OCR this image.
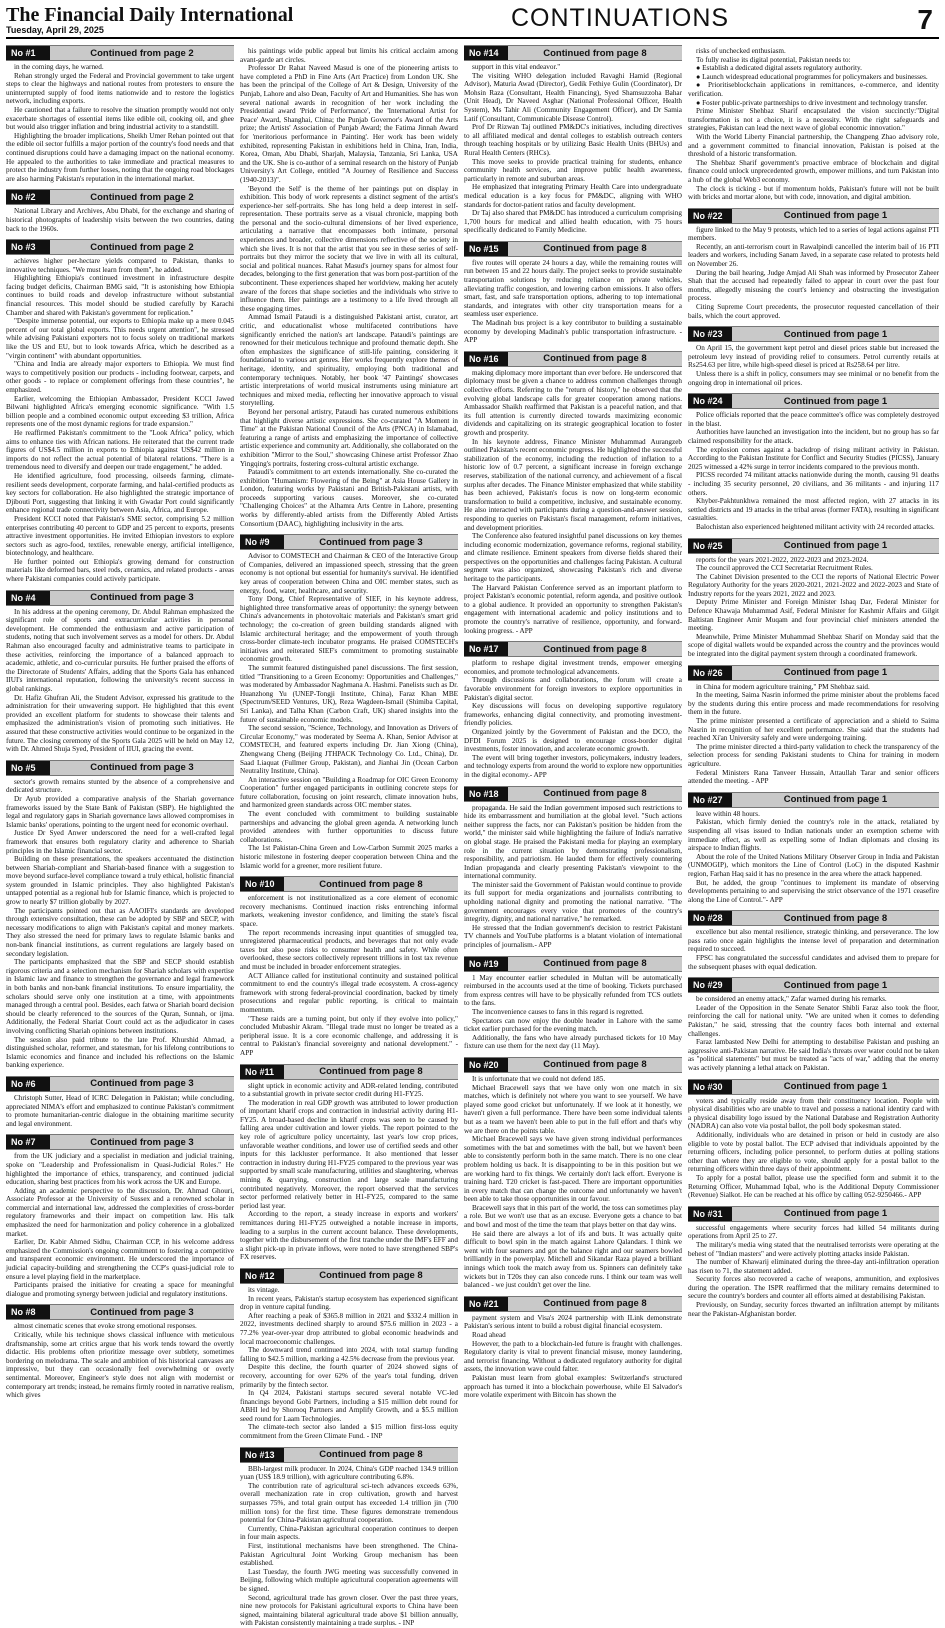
The Financial Daily International
Tuesday, April 29, 2025	CONTINUATIONS	7
No #1	Continued from page 2

in the coming days, he warned.

Rehan strongly urged the Federal and Provincial government to take urgent steps to clear the highways and national routes from protesters to ensure the uninterrupted supply of food items nationwide and to restore the logistics network, including exports.

He cautioned that a failure to resolve the situation promptly would not only exacerbate shortages of essential items like edible oil, cooking oil, and ghee but would also trigger inflation and bring industrial activity to a standstill.

Highlighting the broader implications, Sheikh Umer Rehan pointed out that the edible oil sector fulfills a major portion of the country's food needs and that continued disruptions could have a damaging impact on the national economy. He appealed to the authorities to take immediate and practical measures to protect the industry from further losses, noting that the ongoing road blockages are also harming Pakistan's reputation in the international market.

No #2	Continued from page 2

National Library and Archives, Abu Dhabi, for the exchange and sharing of historical photographs of leadership visits between the two countries, dating back to the 1960s.

No #3	Continued from page 2

achieves higher per-hectare yields compared to Pakistan, thanks to innovative techniques. "We must learn from them", he added.

Highlighting Ethiopia's continued investment in infrastructure despite facing budget deficits, Chairman BMG said, "It is astonishing how Ethiopia continues to build roads and develop infrastructure without substantial financial resources. This model should be studied carefully by Karachi Chamber and shared with Pakistan's government for replication."

"Despite immense potential, our exports to Ethiopia make up a mere 0.045 percent of our total global exports. This needs urgent attention", he stressed while advising Pakistani exporters not to focus solely on traditional markets like the US and EU, but to look towards Africa, which he described as a "virgin continent" with abundant opportunities.

"China and India are already major exporters to Ethiopia. We must find ways to competitively position our products - including footwear, carpets, and other goods - to replace or complement offerings from these countries", he emphasized.

Earlier, welcoming the Ethiopian Ambassador, President KCCI Jawed Bilwani highlighted Africa's emerging economic significance. "With 1.5 billion people and a combined economic output exceeding $3 trillion, Africa represents one of the most dynamic regions for trade expansion."

He reaffirmed Pakistan's commitment to the "Look Africa" policy, which aims to enhance ties with African nations. He reiterated that the current trade figures of US$4.5 million in exports to Ethiopia against US$42 million in imports do not reflect the actual potential of bilateral relations. "There is a tremendous need to diversify and deepen our trade engagement," he added.

He identified agriculture, food processing, oilseeds farming, climate-resilient seeds development, corporate farming, and halal-certified products as key sectors for collaboration. He also highlighted the strategic importance of Djibouti Port, suggesting that linking it with Gwadar Port could significantly enhance regional trade connectivity between Asia, Africa, and Europe.

President KCCI noted that Pakistan's SME sector, comprising 5.2 million enterprises contributing 40 percent to GDP and 25 percent to exports, presents attractive investment opportunities. He invited Ethiopian investors to explore sectors such as agro-food, textiles, renewable energy, artificial intelligence, biotechnology, and healthcare.

He further pointed out Ethiopia's growing demand for construction materials like deformed bars, steel rods, ceramics, and related products - areas where Pakistani companies could actively participate.

No #4	Continued from page 3

In his address at the opening ceremony, Dr. Abdul Rahman emphasized the significant role of sports and extracurricular activities in personal development. He commended the enthusiasm and active participation of students, noting that such involvement serves as a model for others. Dr. Abdul Rahman also encouraged faculty and administrative teams to participate in these activities, reinforcing the importance of a balanced approach to academic, athletic, and co-curricular pursuits. He further praised the efforts of the Directorate of Students' Affairs, adding that the Sports Gala has enhanced IIUI's international reputation, following the university's recent success in global rankings.

Dr. Hafiz Ghufran Ali, the Student Advisor, expressed his gratitude to the administration for their unwavering support. He highlighted that this event provided an excellent platform for students to showcase their talents and emphasized the administration's vision of promoting such initiatives. He assured that these constructive activities would continue to be organized in the future. The closing ceremony of the Sports Gala 2025 will be held on May 12, with Dr. Ahmed Shuja Syed, President of IIUI, gracing the event.

No #5	Continued from page 3

sector's growth remains stunted by the absence of a comprehensive and dedicated structure.

Dr Ayub provided a comparative analysis of the Shariah governance frameworks issued by the State Bank of Pakistan (SBP). He highlighted the legal and regulatory gaps in Shariah governance laws allowed compromises in Islamic banks' operations, pointing to the urgent need for economic overhaul.

Justice Dr Syed Anwer underscored the need for a well-crafted legal framework that ensures both regulatory clarity and adherence to Shariah principles in the Islamic financial sector.

Building on these presentations, the speakers accentuated the distinction between Shariah-compliant and Shariah-based finance with a suggestion to move beyond surface-level compliance toward a truly ethical, holistic financial system grounded in Islamic principles. They also highlighted Pakistan's untapped potential as a regional hub for Islamic finance, which is projected to grow to nearly $7 trillion globally by 2027.

The participants pointed out that as AAOIFI's standards are developed through extensive consultation, these can be adopted by SBP and SECP, with necessary modifications to align with Pakistan's capital and money markets. They also stressed the need for primary laws to regulate Islamic banks and non-bank financial institutions, as current regulations are largely based on secondary legislation.

The participants emphasized that the SBP and SECP should establish rigorous criteria and a selection mechanism for Shariah scholars with expertise in Islamic law and finance to strengthen the governance and legal framework in both banks and non-bank financial institutions. To ensure impartiality, the scholars should serve only one institution at a time, with appointments managed through a central pool. Besides, each fatwa or Shariah board decision should be clearly referenced to the sources of the Quran, Sunnah, or ijma. Additionally, the Federal Shariat Court could act as the adjudicator in cases involving conflicting Shariah opinions between institutions.

The session also paid tribute to the late Prof. Khurshid Ahmad, a distinguished scholar, reformer, and statesman, for his lifelong contributions to Islamic economics and finance and included his reflections on the Islamic banking experience.

No #6	Continued from page 3

Christoph Sutter, Head of ICRC Delegation in Pakistan; while concluding, appreciated NIMA's effort and emphasized to continue Pakistan's commitment to promote humanitarian-centric dialogue in the obtaining maritime security and legal environment.

No #7	Continued from page 3

from the UK judiciary and a specialist in mediation and judicial training, spoke on "Leadership and Professionalism in Quasi-Judicial Roles." He highlighted the importance of ethics, transparency, and continued judicial education, sharing best practices from his work across the UK and Europe.

Adding an academic perspective to the discussion, Dr. Ahmad Ghouri, Associate Professor at the University of Sussex and a renowned scholar in commercial and international law, addressed the complexities of cross-border regulatory frameworks and their impact on competition law. His talk emphasized the need for harmonization and policy coherence in a globalized market.

Earlier, Dr. Kabir Ahmed Sidhu, Chairman CCP, in his welcome address emphasized the Commission's ongoing commitment to fostering a competitive and transparent economic environment. He underscored the importance of judicial capacity-building and strengthening the CCP's quasi-judicial role to ensure a level playing field in the marketplace.

Participants praised the initiative for creating a space for meaningful dialogue and promoting synergy between judicial and regulatory institutions.

No #8	Continued from page 3

almost cinematic scenes that evoke strong emotional responses.

Critically, while his technique shows classical influence with meticulous draftsmanship, some art critics argue that his work tends toward the overtly didactic. His problems often prioritize message over subtlety, sometimes bordering on melodrama. The scale and ambition of his historical canvases are impressive, but they can occasionally feel overwhelming or overly sentimental. Moreover, Engineer's style does not align with modernist or contemporary art trends; instead, he remains firmly rooted in narrative realism, which gives

his paintings wide public appeal but limits his critical acclaim among avant-garde art circles.

Professor Dr Rahat Naveed Masud is one of the pioneering artists to have completed a PhD in Fine Arts (Art Practice) from London UK. She has been the principal of the College of Art & Design, University of the Punjab, Lahore and also Dean, Faculty of Art and Humanities. She has won several national awards in recognition of her work including the Presidential award 'Pride of Performance', the 'International Artist for Peace' Award, Shanghai, China; the Punjab Governor's Award of the Arts prize; the Artists' Association of Punjab Award; the Fatima Jinnah Award for 'meritorious performance in Painting'. Her work has been widely exhibited, representing Pakistan in exhibitions held in China, Iran, India, Korea, Oman, Abu Dhabi, Sharjah, Malaysia, Tanzania, Sri Lanka, USA and the UK. She is co-author of a seminal research on the history of Punjab University's Art College, entitled "A Journey of Resilience and Success (1940-2013)".

'Beyond the Self' is the theme of her paintings put on display in exhibition. This body of work represents a distinct segment of the artist's experience-her self-portraits. She has long held a deep interest in self-representation. These portraits serve as a visual chronicle, mapping both the personal and the socio-cultural dimensions of her lived experience, articulating a narrative that encompasses both intimate, personal experiences and broader, collective dimensions reflective of the society in which she lives. It is not that the artist that you see in these series of self-portraits but they mirror the society that we live in with all its cultural, social and political nuances. Rahat Masud's journey spans for almost four decades, belonging to the first generation that was born post-partition of the subcontinent. These experiences shaped her worldview, making her acutely aware of the forces that shape societies and the individuals who strive to influence them. Her paintings are a testimony to a life lived through all these engaging times.

Ammad Ismail Pataudi is a distinguished Pakistani artist, curator, art critic, and educationalist whose multifaceted contributions have significantly enriched the nation's art landscape. Pataudi's paintings are renowned for their meticulous technique and profound thematic depth. She often emphasizes the significance of still-life painting, considering it foundational to various art genres. Her works frequently explore themes of heritage, identity, and spirituality, employing both traditional and contemporary techniques. Notably, her book '47 Paintings' showcases artistic interpretations of world musical instruments using miniature art techniques and mixed media, reflecting her innovative approach to visual storytelling.

Beyond her personal artistry, Pataudi has curated numerous exhibitions that highlight diverse artistic expressions. She co-curated "A Moment in Time" at the Pakistan National Council of the Arts (PNCA) in Islamabad, featuring a range of artists and emphasizing the importance of collective artistic experience and community art. Additionally, she collaborated on the exhibition "Mirror to the Soul," showcasing Chinese artist Professor Zhao Yingqing's portraits, fostering cross-cultural artistic exchange.

Pataudi's commitment to art extends internationally. She co-curated the exhibition "Humanism: Flowering of the Being" at Asia House Gallery in London, featuring works by Pakistani and British-Pakistani artists, with proceeds supporting various causes. Moreover, she co-curated "Challenging Choices" at the Alhamra Arts Centre in Lahore, presenting works by differently-abled artists from the Differently Abled Artists Consortium (DAAC), highlighting inclusivity in the arts.

No #9	Continued from page 3

Advisor to COMSTECH and Chairman & CEO of the Interactive Group of Companies, delivered an impassioned speech, stressing that the green economy is not optional but essential for humanity's survival. He identified key areas of cooperation between China and OIC member states, such as energy, food, water, healthcare, and security.

Tony Dong, Chief Representative of SIEF, in his keynote address, highlighted three transformative areas of opportunity: the synergy between China's advancements in photovoltaic materials and Pakistan's smart grid technology; the co-creation of green building standards aligned with Islamic architectural heritage; and the empowerment of youth through cross-border climate-tech incubator programs. He praised COMSTECH's initiatives and reiterated SIEF's commitment to promoting sustainable economic growth.

The summit featured distinguished panel discussions. The first session, titled "Transitioning to a Green Economy: Opportunities and Challenges," was moderated by Ambassador Naghmana A. Hashmi. Panelists such as Dr. Huanzhong Yu (UNEP-Tongji Institute, China), Faraz Khan MBE (Spectrum/SEED Ventures, UK), Reza Wagdeen-Ismail (Shimiba Capital, Sri Lanka), and Talha Khan (Carbon Craft, UK) shared insights into the future of sustainable economic models.

The second session, "Science, Technology, and Innovation as Drivers of Circular Economy," was moderated by Seema A. Khan, Senior Advisor at COMSTECH, and featured experts including Dr. Jian Xiong (China), Zhengwang Cheng (Beijing JTHPACK Technology Co. Ltd., China), Dr. Saad Liaquat (Fullmer Group, Pakistan), and Jianhai Jin (Ocean Carbon Neutrality Institute, China).

An interactive session on "Building a Roadmap for OIC Green Economy Cooperation" further engaged participants in outlining concrete steps for future collaboration, focusing on joint research, climate innovation hubs, and harmonized green standards across OIC member states.

The event concluded with commitment to building sustainable partnerships and advancing the global green agenda. A networking lunch provided attendees with further opportunities to discuss future collaborations.

The 1st Pakistan-China Green and Low-Carbon Summit 2025 marks a historic milestone in fostering deeper cooperation between China and the Islamic world for a greener, more resilient future.

No #10	Continued from page 8

enforcement is not institutionalized as a core element of economic recovery mechanisms. Continued inaction risks entrenching informal markets, weakening investor confidence, and limiting the state's fiscal space.

The report recommends increasing input quantities of smuggled tea, unregistered pharmaceutical products, and beverages that not only evade taxes but also pose risks to consumer health and safety. While often overlooked, these sectors collectively represent trillions in lost tax revenue and must be included in broader enforcement strategies.

ACT Alliance called for institutional continuity and sustained political commitment to end the country's illegal trade ecosystem. A cross-agency framework with strong federal-provincial coordination, backed by timely prosecutions and regular public reporting, is critical to maintain momentum.

"These raids are a turning point, but only if they evolve into policy," concluded Mubashir Akram. "Illegal trade must no longer be treated as a peripheral issue. It is a core economic challenge, and addressing it is central to Pakistan's financial sovereignty and national development." - APP

No #11	Continued from page 8

slight uptick in economic activity and ADR-related lending, contributed to a substantial growth in private sector credit during H1-FY25.

The moderation in real GDP growth was attributed to lower production of important kharif crops and contraction in industrial activity during H1-FY25. A broad-based decline in kharif crops was seen to be caused by falling area under cultivation and lower yields. The report pointed to the key role of agriculture policy uncertainty, last year's low crop prices, unfavorable weather conditions, and lower use of certified seeds and other inputs for this lackluster performance. It also mentioned that lesser contraction in industry during H1-FY25 compared to the previous year was supported by small scale manufacturing, utilities and slaughtering, whereas mining & quarrying, construction and large scale manufacturing contributed negatively. Moreover, the report observed that the services sector performed relatively better in H1-FY25, compared to the same period last year.

According to the report, a steady increase in exports and workers' remittances during H1-FY25 outweighed a notable increase in imports, leading to a surplus in the current account balance. These developments, together with the disbursement of the first tranche under the IMF's EFF and a slight pick-up in private inflows, were noted to have strengthened SBP's FX reserves.

No #12	Continued from page 8

its vintage.

In recent years, Pakistan's startup ecosystem has experienced significant drop in venture capital funding.

After reaching a peak of $365.8 million in 2021 and $332.4 million in 2022, investments declined sharply to around $75.6 million in 2023 - a 77.2% year-over-year drop attributed to global economic headwinds and local macroeconomic challenges.

The downward trend continued into 2024, with total startup funding falling to $42.5 million, marking a 42.5% decrease from the previous year.

Despite this decline, the fourth quarter of 2024 showed signs of recovery, accounting for over 62% of the year's total funding, driven primarily by the fintech sector.

In Q4 2024, Pakistani startups secured several notable VC-led financings beyond Gobi Partners, including a $15 million debt round for ABHI led by Shorooq Partners and Amplify Growth, and a $5.5 million seed round for Laam Technologies.

The climate-tech sector also landed a $15 million first-loss equity commitment from the Green Climate Fund. - INP

No #13	Continued from page 8

BBh-largest milk producer. In 2024, China's GDP reached 134.9 trillion yuan (US$ 18.9 trillion), with agriculture contributing 6.8%.

The contribution rate of agricultural sci-tech advances exceeds 63%, overall mechanization rate in crop cultivation, growth and harvest surpasses 75%, and total grain output has exceeded 1.4 trillion jin (700 million tons) for the first time. These figures demonstrate tremendous potential for China-Pakistan agricultural cooperation.

Currently, China-Pakistan agricultural cooperation continues to deepen in four main aspects.

First, institutional mechanisms have been strengthened. The China-Pakistan Agricultural Joint Working Group mechanism has been established.

Last Tuesday, the fourth JWG meeting was successfully convened in Beijing, following which multiple agricultural cooperation agreements will be signed.

Second, agricultural trade has grown closer. Over the past three years, nine new protocols for Pakistani agricultural exports to China have been signed, maintaining bilateral agricultural trade above $1 billion annually, with Pakistan consistently maintaining a trade surplus. - INP

No #14	Continued from page 8

support in this vital endeavor."

The visiting WHO delegation included Ravaghi Hamid (Regional Advisor), Maturia Awad (Director), Gedik Fethiye Gulin (Coordinator), Dr Mohsin Raza (Consultant, Health Financing), Syed Shamsuzzoha Bahar (Unit Head), Dr Naveed Asghar (National Professional Officer, Health System), Ms Tahir Ali (Community Engagement Officer), and Dr Samia Latif (Consultant, Communicable Disease Control).

Prof Dr Rizwan Taj outlined PM&DC's initiatives, including directives to all affiliated medical and dental colleges to establish outreach centers through teaching hospitals or by utilizing Basic Health Units (BHUs) and Rural Health Centers (RHCs).

This move seeks to provide practical training for students, enhance community health services, and improve public health awareness, particularly in remote and suburban areas.

He emphasized that integrating Primary Health Care into undergraduate medical education is a key focus for PM&DC, aligning with WHO standards for doctor-patient ratios and faculty development.

Dr Taj also shared that PM&DC has introduced a curriculum comprising 1,700 hours for medical and allied health education, with 75 hours specifically dedicated to Family Medicine.

No #15	Continued from page 8

five routes will operate 24 hours a day, while the remaining routes will run between 15 and 22 hours daily. The project seeks to provide sustainable transportation solutions by reducing reliance on private vehicles, alleviating traffic congestion, and lowering carbon emissions. It also offers smart, fast, and safe transportation options, adhering to top international standards, and integrates with other city transportation means for a seamless user experience.

The Madinah bus project is a key contributor to building a sustainable economy by developing Madinah's public transportation infrastructure. - APP

No #16	Continued from page 8

making diplomacy more important than ever before. He underscored that diplomacy must be given a chance to address common challenges through collective efforts. Referring to the "return of history," he observed that the evolving global landscape calls for greater cooperation among nations. Ambassador Shaikh reaffirmed that Pakistan is a peaceful nation, and that its full attention is currently directed towards maximizing economic dividends and capitalizing on its strategic geographical location to foster growth and prosperity.

In his keynote address, Finance Minister Muhammad Aurangzeb outlined Pakistan's recent economic progress. He highlighted the successful stabilization of the economy, including the reduction of inflation to a historic low of 0.7 percent, a significant increase in foreign exchange reserves, stabilization of the national currency, and achievement of a fiscal surplus after decades. The Finance Minister emphasized that while stability has been achieved, Pakistan's focus is now on long-term economic transformation to build a competitive, inclusive, and sustainable economy. He also interacted with participants during a question-and-answer session, responding to queries on Pakistan's fiscal management, reform initiatives, and development priorities.

The Conference also featured insightful panel discussions on key themes including economic modernization, governance reforms, regional stability, and climate resilience. Eminent speakers from diverse fields shared their perspectives on the opportunities and challenges facing Pakistan. A cultural segment was also organized, showcasing Pakistan's rich and diverse heritage to the participants.

The Harvard Pakistan Conference served as an important platform to project Pakistan's economic potential, reform agenda, and positive outlook to a global audience. It provided an opportunity to strengthen Pakistan's engagement with international academic and policy institutions and to promote the country's narrative of resilience, opportunity, and forward-looking progress. - APP

No #17	Continued from page 8

platform to reshape digital investment trends, empower emerging economies, and promote technological advancements.

Through discussions and collaborations, the forum will create a favorable environment for foreign investors to explore opportunities in Pakistan's digital sector.

Key discussions will focus on developing supportive regulatory frameworks, enhancing digital connectivity, and promoting investment-friendly policies.

Organized jointly by the Government of Pakistan and the DCO, the DFDI Forum 2025 is designed to encourage cross-border digital investments, foster innovation, and accelerate economic growth.

The event will bring together investors, policymakers, industry leaders, and technology experts from around the world to explore new opportunities in the digital economy.- APP

No #18	Continued from page 8

propaganda. He said the Indian government imposed such restrictions to hide its embarrassment and humiliation at the global level. "Such actions neither suppress the facts, nor can Pakistan's position be hidden from the world," the minister said while highlighting the failure of India's narrative on global stage. He praised the Pakistani media for playing an exemplary role in the current situation by demonstrating professionalism, responsibility, and patriotism. He lauded them for effectively countering Indian propaganda and clearly presenting Pakistan's viewpoint to the international community.

The minister said the Government of Pakistan would continue to provide its full support for media organizations and journalists contributing to upholding national dignity and promoting the national narrative. "The government encourages every voice that promotes of the country's integrity, dignity, and national narrative," he remarked.

He stressed that the Indian government's decision to restrict Pakistani TV channels and YouTube platforms is a blatant violation of international principles of journalism.- APP

No #19	Continued from page 8

1 May encounter earlier scheduled in Multan will be automatically reimbursed in the accounts used at the time of booking. Tickets purchased from express centres will have to be physically refunded from TCS outlets to the fans.

The inconvenience causes to fans in this regard is regretted.

Spectators can now enjoy the double header in Lahore with the same ticket earlier purchased for the evening match.

Additionally, the fans who have already purchased tickets for 10 May fixture can use them for the next day (11 May).

No #20	Continued from page 8

It is unfortunate that we could not defend 185.

Michael Bracewell says that we have only won one match in six matches, which is definitely not where you want to see yourself. We have played some good cricket but unfortunately. If we look at it honestly, we haven't given a full performance. There have been some individual talents but as a team we haven't been able to put in the full effort and that's why we are there on the points table.

Michael Bracewell says we have given strong individual performances sometimes with the bat and sometimes with the ball, but we haven't been able to consistently perform both in the same match. There is no one clear problem holding us back. It is disappointing to be in this position but we are working hard to fix things. We certainly don't lack effort. Everyone is training hard. T20 cricket is fast-paced. There are important opportunities in every match that can change the outcome and unfortunately we haven't been able to take those opportunities in our favour.

Bracewell says that in this part of the world, the toss can sometimes play a role. But we won't use that as an excuse. Everyone gets a chance to bat and bowl and most of the time the team that plays better on that day wins.

He said there are always a lot of ifs and buts. It was actually quite difficult to bowl spin in the match against Lahore Qalandars. I think we went with four seamers and got the balance right and our seamers bowled brilliantly in the powerplay. Mitchell and Sikandar Raza played a brilliant innings which took the match away from us. Spinners can definitely take wickets but in T20s they can also concede runs. I think our team was well balanced - we just couldn't get over the line.

No #21	Continued from page 8

payment system and Visa's 2024 partnership with ILink demonstrate Pakistan's serious intent to build a robust digital financial ecosystem.

Road ahead

However, the path to a blockchain-led future is fraught with challenges. Regulatory clarity is vital to prevent financial misuse, money laundering, and terrorist financing. Without a dedicated regulatory authority for digital assets, the innovation wave could falter.

Pakistan must learn from global examples: Switzerland's structured approach has turned it into a blockchain powerhouse, while El Salvador's more volatile experiment with Bitcoin has shown the

risks of unchecked enthusiasm.

To fully realise its digital potential, Pakistan needs to:

● Establish a dedicated digital assets regulatory authority.

● Launch widespread educational programmes for policymakers and businesses.

● Prioritiseblockchain applications in remittances, e-commerce, and identity verification.

● Foster public-private partnerships to drive investment and technology transfer.

Prime Minister Shehbaz Sharif encapsulated the vision succinctly:"Digital transformation is not a choice, it is a necessity. With the right safeguards and strategies, Pakistan can lead the next wave of global economic innovation."

With the World Liberty Financial partnership, the Changpeng Zhao advisory role, and a government committed to financial innovation, Pakistan is poised at the threshold of a historic transformation.

The Shehbaz Sharif government's proactive embrace of blockchain and digital finance could unlock unprecedented growth, empower millions, and turn Pakistan into a hub of the global Web3 economy.

The clock is ticking - but if momentum holds, Pakistan's future will not be built with bricks and mortar alone, but with code, innovation, and digital ambition.

No #22	Continued from page 1

figure linked to the May 9 protests, which led to a series of legal actions against PTI members.

Recently, an anti-terrorism court in Rawalpindi cancelled the interim bail of 16 PTI leaders and workers, including Sanam Javed, in a separate case related to protests held on November 26.

During the bail hearing, Judge Amjad Ali Shah was informed by Prosecutor Zaheer Shah that the accused had repeatedly failed to appear in court over the past four months, allegedly misusing the court's leniency and obstructing the investigation process.

Citing Supreme Court precedents, the prosecutor requested cancellation of their bails, which the court approved.

No #23	Continued from page 1

On April 15, the government kept petrol and diesel prices stable but increased the petroleum levy instead of providing relief to consumers. Petrol currently retails at Rs254.63 per litre, while high-speed diesel is priced at Rs258.64 per litre.

Unless there is a shift in policy, consumers may see minimal or no benefit from the ongoing drop in international oil prices.

No #24	Continued from page 1

Police officials reported that the peace committee's office was completely destroyed in the blast.

Authorities have launched an investigation into the incident, but no group has so far claimed responsibility for the attack.

The explosion comes against a backdrop of rising militant activity in Pakistan. According to the Pakistan Institute for Conflict and Security Studies (PICSS), January 2025 witnessed a 42% surge in terror incidents compared to the previous month.

PICSS recorded 74 militant attacks nationwide during the month, causing 91 deaths - including 35 security personnel, 20 civilians, and 36 militants - and injuring 117 others.

Khyber-Pakhtunkhwa remained the most affected region, with 27 attacks in its settled districts and 19 attacks in the tribal areas (former FATA), resulting in significant casualties.

Balochistan also experienced heightened militant activity with 24 recorded attacks.

No #25	Continued from page 1

reports for the years 2021-2022, 2022-2023 and 2023-2024.

The council approved the CCI Secretariat Recruitment Rules.

The Cabinet Division presented to the CCI the reports of National Electric Power Regulatory Authority for the years 2020-2021, 2021-2022 and 2022-2023 and State of Industry reports for the years 2021, 2022 and 2023.

Deputy Prime Minister and Foreign Minister Ishaq Dar, Federal Minister for Defence Khawaja Muhammad Asif, Federal Minister for Kashmir Affairs and Gilgit Baltistan Engineer Amir Muqam and four provincial chief ministers attended the meeting.

Meanwhile, Prime Minister Muhammad Shehbaz Sharif on Monday said that the scope of digital wallets would be expanded across the country and the provinces would be integrated into the digital payment system through a coordinated framework.

No #26	Continued from page 1

in China for modern agriculture training," PM Shehbaz said.

In the meeting, Saima Nasrin informed the prime minister about the problems faced by the students during this entire process and made recommendations for resolving them in the future.

The prime minister presented a certificate of appreciation and a shield to Saima Nasrin in recognition of her excellent performance. She said that the students had reached Xi'an University safely and were undergoing training.

The prime minister directed a third-party validation to check the transparency of the selection process for sending Pakistani students to China for training in modern agriculture.

Federal Ministers Rana Tanveer Hussain, Attaullah Tarar and senior officers attended the meeting. - APP

No #27	Continued from page 1

leave within 48 hours.

Pakistan, which firmly denied the country's role in the attack, retaliated by suspending all visas issued to Indian nationals under an exemption scheme with immediate effect, as well as expelling some of Indian diplomats and closing its airspace to Indian flights.

About the role of the United Nations Military Observer Group in India and Pakistan (UNMOGIP), which monitors the Line of Control (LoC) in the disputed Kashmir region, Farhan Haq said it has no presence in the area where the attack happened.

But, he added, the group "continues to implement its mandate of observing developments pertaining to and supervising the strict observance of the 1971 ceasefire along the Line of Control."- APP

No #28	Continued from page 8

excellence but also mental resilience, strategic thinking, and perseverance. The low pass ratio once again highlights the intense level of preparation and determination required to succeed.

FPSC has congratulated the successful candidates and advised them to prepare for the subsequent phases with equal dedication.

No #29	Continued from page 1

be considered an enemy attack," Zafar warned during his remarks.

Leader of the Opposition in the Senate Senator Shibli Faraz also took the floor, reinforcing the call for national unity. "We are united when it comes to defending Pakistan," he said, stressing that the country faces both internal and external challenges.

Faraz lambasted New Delhi for attempting to destabilise Pakistan and pushing an aggressive anti-Pakistan narrative. He said India's threats over water could not be taken as "political statements" but must be treated as "acts of war," adding that the enemy was actively planning a lethal attack on Pakistan.

No #30	Continued from page 1

voters and typically reside away from their constituency location. People with physical disabilities who are unable to travel and possess a national identity card with a physical disability logo issued by the National Database and Registration Authority (NADRA) can also vote via postal ballot, the poll body spokesman stated.

Additionally, individuals who are detained in prison or held in custody are also eligible to vote by postal ballot. The ECP advised that individuals appointed by the returning officers, including police personnel, to perform duties at polling stations other than where they are eligible to vote, should apply for a postal ballot to the returning officers within three days of their appointment.

To apply for a postal ballot, please use the specified form and submit it to the Returning Officer, Muhammad Iqbal, who is the Additional Deputy Commissioner (Revenue) Sialkot. He can be reached at his office by calling 052-9250466.- APP

No #31	Continued from page 1

successful engagements where security forces had killed 54 militants during operations from April 25 to 27.

The military's media wing stated that the neutralised terrorists were operating at the behest of "Indian masters" and were actively plotting attacks inside Pakistan.

The number of Khawarij eliminated during the three-day anti-infiltration operation has risen to 71, the statement added.

Security forces also recovered a cache of weapons, ammunition, and explosives during the operation. The ISPR reaffirmed that the military remains determined to secure the country's borders and counter all efforts aimed at destabilising Pakistan.

Previously, on Sunday, security forces thwarted an infiltration attempt by militants near the Pakistan-Afghanistan border.
